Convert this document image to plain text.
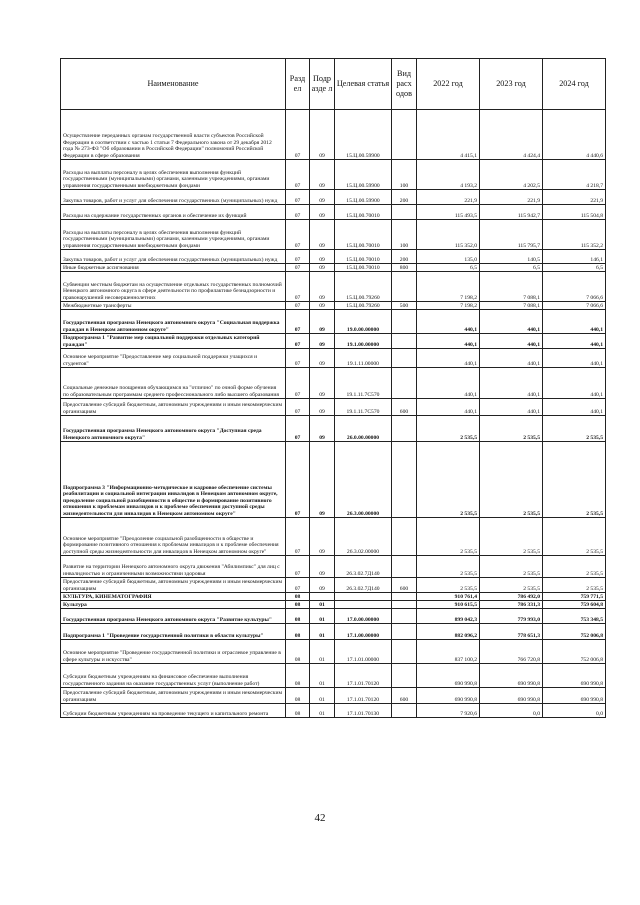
Наименование	Разд ел	Подр азде л	Целевая статья	Вид расх одов	2022 год	2023 год	2024 год
Осуществление переданных органам государственной власти субъектов Российской Федерации в соответствии с частью 1 статьи 7 Федерального закона от 29 декабря 2012 года № 273-ФЗ "Об образовании в Российской Федерации" полномочий Российской Федерации в сфере образования	07	09	15.Ц.00.59900		4 415,1	4 424,4	4 440,6
Расходы на выплаты персоналу в целях обеспечения выполнения функций государственными (муниципальными) органами, казенными учреждениями, органами управления государственными внебюджетными фондами	07	09	15.Ц.00.59900	100	4 193,2	4 202,5	4 218,7
Закупка товаров, работ и услуг для обеспечения государственных (муниципальных) нужд	07	09	15.Ц.00.59900	200	221,9	221,9	221,9
Расходы на содержание государственных органов и обеспечение их функций	07	09	15.Ц.00.70010		115 493,5	115 942,7	115 504,8
Расходы на выплаты персоналу в целях обеспечения выполнения функций государственными (муниципальными) органами, казенными учреждениями, органами управления государственными внебюджетными фондами	07	09	15.Ц.00.70010	100	115 352,0	115 795,7	115 352,2
Закупка товаров, работ и услуг для обеспечения государственных (муниципальных) нужд	07	09	15.Ц.00.70010	200	135,0	140,5	146,1
Иные бюджетные ассигнования	07	09	15.Ц.00.70010	800	6,5	6,5	6,5
Субвенции местным бюджетам на осуществление отдельных государственных полномочий Ненецкого автономного округа в сфере деятельности по профилактике безнадзорности и правонарушений несовершеннолетних	07	09	15.Ц.00.79260		7 198,2	7 088,1	7 066,6
Межбюджетные трансферты	07	09	15.Ц.00.79260	500	7 198,2	7 088,1	7 066,6
Государственная программа Ненецкого автономного округа "Социальная поддержка граждан в Ненецком автономном округе"	07	09	19.0.00.00000		440,1	440,1	440,1
Подпрограмма 1 "Развитие мер социальной поддержки отдельных категорий граждан"	07	09	19.1.00.00000		440,1	440,1	440,1
Основное мероприятие "Предоставление мер социальной поддержки учащихся и студентов"	07	09	19.1.11.00000		440,1	440,1	440,1
Социальные денежные поощрения обучающимся на "отлично" по очной форме обучения по образовательным программам среднего профессионального либо высшего образования	07	09	19.1.11.7С570		440,1	440,1	440,1
Предоставление субсидий бюджетным, автономным учреждениям и иным некоммерческим организациям	07	09	19.1.11.7С570	600	440,1	440,1	440,1
Государственная программа Ненецкого автономного округа "Доступная среда Ненецкого автономного округа"	07	09	26.0.00.00000		2 535,5	2 535,5	2 535,5
Подпрограмма 3 "Информационно-методическое и кадровое обеспечение системы реабилитации и социальной интеграции инвалидов в Ненецком автономном округе, преодоление социальной разобщенности в обществе и формирование позитивного отношения к проблемам инвалидов и к проблеме обеспечения доступной среды жизнедеятельности для инвалидов в Ненецком автономном округе"	07	09	26.3.00.00000		2 535,5	2 535,5	2 535,5
Основное мероприятие "Преодоление социальной разобщенности в обществе и формирование позитивного отношения к проблемам инвалидов и к проблеме обеспечения доступной среды жизнедеятельности для инвалидов в Ненецком автономном округе"	07	09	26.3.02.00000		2 535,5	2 535,5	2 535,5
Развитие на территории Ненецкого автономного округа движения "Абилимпикс" для лиц с инвалидностью и ограниченными возможностями здоровья	07	09	26.3.02.7Д140		2 535,5	2 535,5	2 535,5
Предоставление субсидий бюджетным, автономным учреждениям и иным некоммерческим организациям	07	09	26.3.02.7Д140	600	2 535,5	2 535,5	2 535,5
КУЛЬТУРА, КИНЕМАТОГРАФИЯ	08				910 761,4	786 492,0	759 771,5
Культура	08	01			910 615,5	786 331,3	759 604,8
Государственная программа Ненецкого автономного округа "Развитие культуры"	08	01	17.0.00.00000		899 042,3	779 993,0	753 348,5
Подпрограмма 1 "Проведение государственной политики в области культуры"	08	01	17.1.00.00000		882 096,2	778 651,3	752 006,8
Основное мероприятие "Проведение государственной политики и отраслевое управление в сфере культуры и искусства"	08	01	17.1.01.00000		837 100,2	766 720,8	752 006,8
Субсидии бюджетным учреждениям на финансовое обеспечение выполнения государственного задания на оказание государственных услуг (выполнение работ)	08	01	17.1.01.70120		690 990,8	690 990,8	690 990,8
Предоставление субсидий бюджетным, автономным учреждениям и иным некоммерческим организациям	08	01	17.1.01.70120	600	690 990,8	690 990,8	690 990,8
Субсидии бюджетным учреждениям на проведение текущего и капитального ремонта	08	01	17.1.01.70130		7 920,6	0,0	0,0
42
